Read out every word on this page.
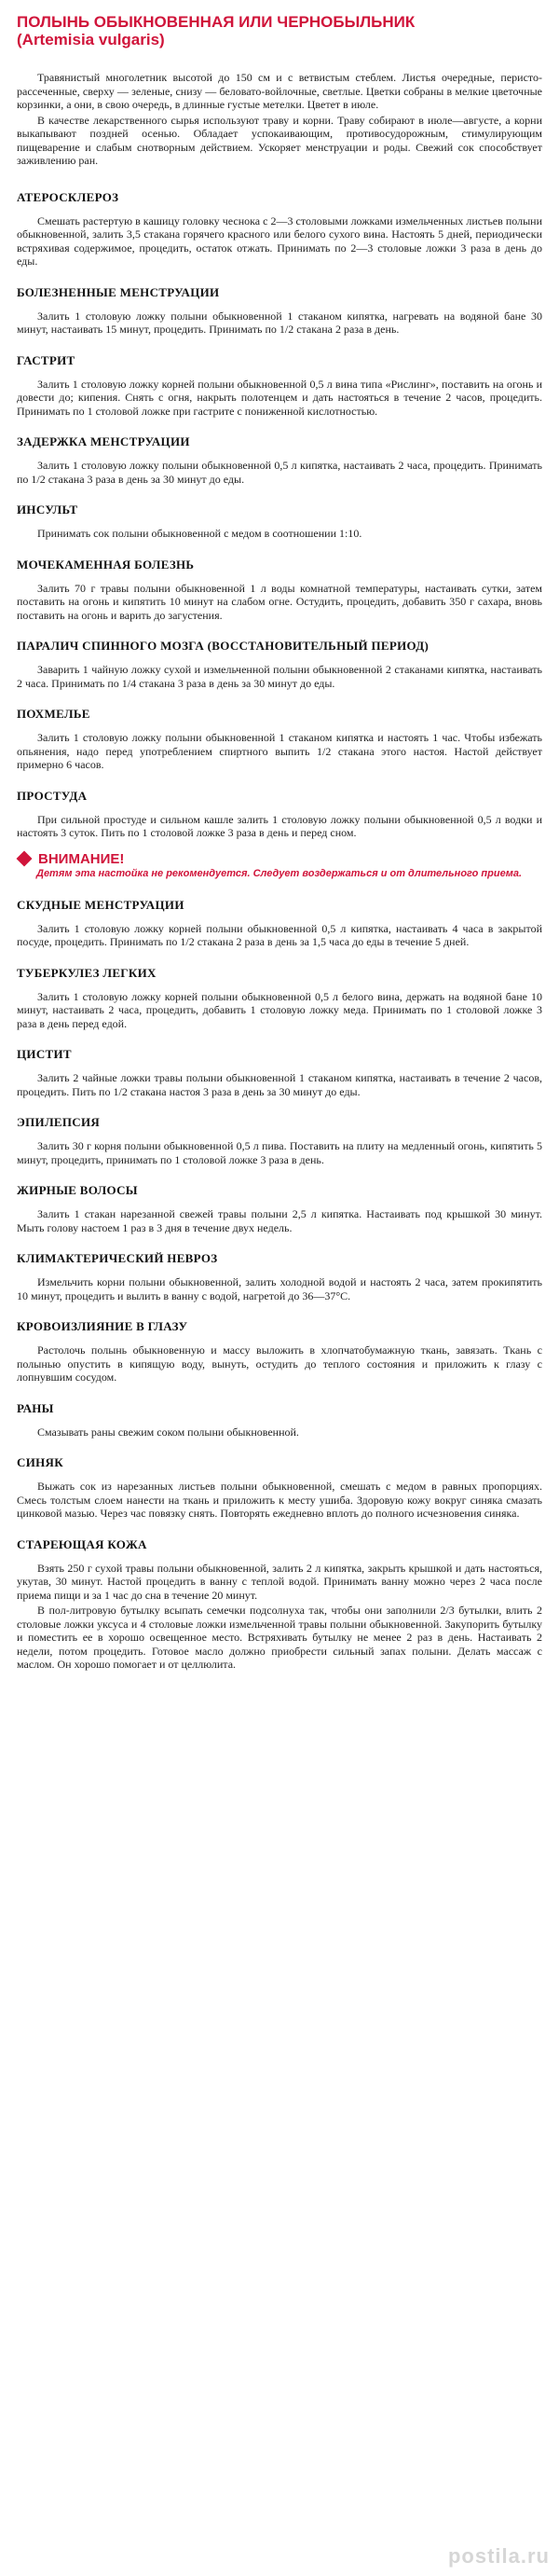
ПОЛЫНЬ ОБЫКНОВЕННАЯ ИЛИ ЧЕРНОБЫЛЬНИК
(Artemisia vulgaris)

Травянистый многолетник высотой до 150 см и с ветвистым стеблем. Листья очередные, перисто-рассеченные, сверху — зеленые, снизу — беловато-войлочные, светлые. Цветки собраны в мелкие цветочные корзинки, а они, в свою очередь, в длинные густые метелки. Цветет в июле.

В качестве лекарственного сырья используют траву и корни. Траву собирают в июле—августе, а корни выкапывают поздней осенью. Обладает успокаивающим, противосудорожным, стимулирующим пищеварение и слабым снотворным действием. Ускоряет менструации и роды. Свежий сок способствует заживлению ран.

АТЕРОСКЛЕРОЗ

Смешать растертую в кашицу головку чеснока с 2—3 столовыми ложками измельченных листьев полыни обыкновенной, залить 3,5 стакана горячего красного или белого сухого вина. Настоять 5 дней, периодически встряхивая содержимое, процедить, остаток отжать. Принимать по 2—3 столовые ложки 3 раза в день до еды.

БОЛЕЗНЕННЫЕ МЕНСТРУАЦИИ

Залить 1 столовую ложку полыни обыкновенной 1 стаканом кипятка, нагревать на водяной бане 30 минут, настаивать 15 минут, процедить. Принимать по 1/2 стакана 2 раза в день.

ГАСТРИТ

Залить 1 столовую ложку корней полыни обыкновенной 0,5 л вина типа «Рислинг», поставить на огонь и довести до; кипения. Снять с огня, накрыть полотенцем и дать настояться в течение 2 часов, процедить. Принимать по 1 столовой ложке при гастрите с пониженной кислотностью.

ЗАДЕРЖКА МЕНСТРУАЦИИ

Залить 1 столовую ложку полыни обыкновенной 0,5 л кипятка, настаивать 2 часа, процедить. Принимать по 1/2 стакана 3 раза в день за 30 минут до еды.

ИНСУЛЬТ

Принимать сок полыни обыкновенной с медом в соотношении 1:10.

МОЧЕКАМЕННАЯ БОЛЕЗНЬ

Залить 70 г травы полыни обыкновенной 1 л воды комнатной температуры, настаивать сутки, затем поставить на огонь и кипятить 10 минут на слабом огне. Остудить, процедить, добавить 350 г сахара, вновь поставить на огонь и варить до загустения.

ПАРАЛИЧ СПИННОГО МОЗГА (ВОССТАНОВИТЕЛЬНЫЙ ПЕРИОД)

Заварить 1 чайную ложку сухой и измельченной полыни обыкновенной 2 стаканами кипятка, настаивать 2 часа. Принимать по 1/4 стакана 3 раза в день за 30 минут до еды.

ПОХМЕЛЬЕ

Залить 1 столовую ложку полыни обыкновенной 1 стаканом кипятка и настоять 1 час. Чтобы избежать опьянения, надо перед употреблением спиртного выпить 1/2 стакана этого настоя. Настой действует примерно 6 часов.

ПРОСТУДА

При сильной простуде и сильном кашле залить 1 столовую ложку полыни обыкновенной 0,5 л водки и настоять 3 суток. Пить по 1 столовой ложке 3 раза в день и перед сном.

ВНИМАНИЕ!

Детям эта настойка не рекомендуется. Следует воздержаться и от длительного приема.

СКУДНЫЕ МЕНСТРУАЦИИ

Залить 1 столовую ложку корней полыни обыкновенной 0,5 л кипятка, настаивать 4 часа в закрытой посуде, процедить. Принимать по 1/2 стакана 2 раза в день за 1,5 часа до еды в течение 5 дней.

ТУБЕРКУЛЕЗ ЛЕГКИХ

Залить 1 столовую ложку корней полыни обыкновенной 0,5 л белого вина, держать на водяной бане 10 минут, настаивать 2 часа, процедить, добавить 1 столовую ложку меда. Принимать по 1 столовой ложке 3 раза в день перед едой.

ЦИСТИТ

Залить 2 чайные ложки травы полыни обыкновенной 1 стаканом кипятка, настаивать в течение 2 часов, процедить. Пить по 1/2 стакана настоя 3 раза в день за 30 минут до еды.

ЭПИЛЕПСИЯ

Залить 30 г корня полыни обыкновенной 0,5 л пива. Поставить на плиту на медленный огонь, кипятить 5 минут, процедить, принимать по 1 столовой ложке 3 раза в день.

ЖИРНЫЕ ВОЛОСЫ

Залить 1 стакан нарезанной свежей травы полыни 2,5 л кипятка. Настаивать под крышкой 30 минут. Мыть голову настоем 1 раз в 3 дня в течение двух недель.

КЛИМАКТЕРИЧЕСКИЙ НЕВРОЗ

Измельчить корни полыни обыкновенной, залить холодной водой и настоять 2 часа, затем прокипятить 10 минут, процедить и вылить в ванну с водой, нагретой до 36—37°С.

КРОВОИЗЛИЯНИЕ В ГЛАЗУ

Растолочь полынь обыкновенную и массу выложить в хлопчатобумажную ткань, завязать. Ткань с полынью опустить в кипящую воду, вынуть, остудить до теплого состояния и приложить к глазу с лопнувшим сосудом.

РАНЫ

Смазывать раны свежим соком полыни обыкновенной.

СИНЯК

Выжать сок из нарезанных листьев полыни обыкновенной, смешать с медом в равных пропорциях. Смесь толстым слоем нанести на ткань и приложить к месту ушиба. Здоровую кожу вокруг синяка смазать цинковой мазью. Через час повязку снять. Повторять ежедневно вплоть до полного исчезновения синяка.

СТАРЕЮЩАЯ КОЖА

Взять 250 г сухой травы полыни обыкновенной, залить 2 л кипятка, закрыть крышкой и дать настояться, укутав, 30 минут. Настой процедить в ванну с теплой водой. Принимать ванну можно через 2 часа после приема пищи и за 1 час до сна в течение 20 минут.

В пол-литровую бутылку всыпать семечки подсолнуха так, чтобы они заполнили 2/3 бутылки, влить 2 столовые ложки уксуса и 4 столовые ложки измельченной травы полыни обыкновенной. Закупорить бутылку и поместить ее в хорошо освещенное место. Встряхивать бутылку не менее 2 раз в день. Настаивать 2 недели, потом процедить. Готовое масло должно приобрести сильный запах полыни. Делать массаж с маслом. Он хорошо помогает и от целлюлита.

postila.ru
